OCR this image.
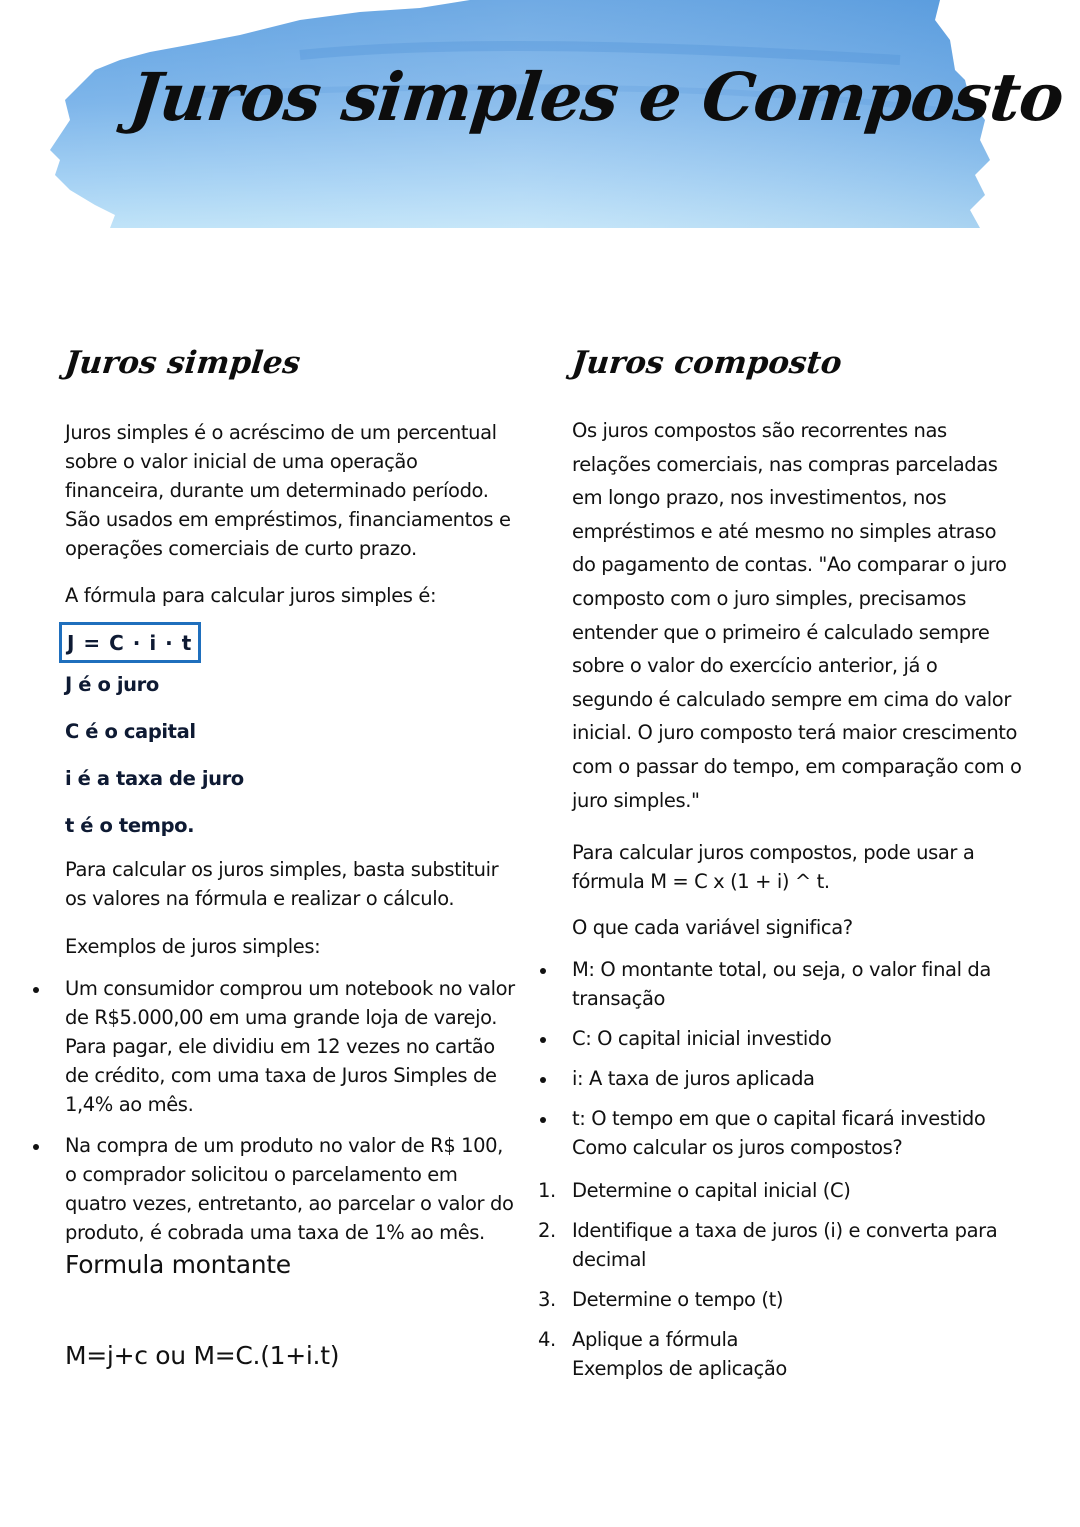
Juros simples e Composto
Juros simples

Juros simples é o acréscimo de um percentual sobre o valor inicial de uma operação financeira, durante um determinado período. São usados em empréstimos, financiamentos e operações comerciais de curto prazo.

A fórmula para calcular juros simples é:

J = C · i · t
J é o juro
C é o capital
i é a taxa de juro
t é o tempo.

Para calcular os juros simples, basta substituir os valores na fórmula e realizar o cálculo.

Exemplos de juros simples:

Um consumidor comprou um notebook no valor de R$5.000,00 em uma grande loja de varejo. Para pagar, ele dividiu em 12 vezes no cartão de crédito, com uma taxa de Juros Simples de 1,4% ao mês.
Na compra de um produto no valor de R$ 100, o comprador solicitou o parcelamento em quatro vezes, entretanto, ao parcelar o valor do produto, é cobrada uma taxa de 1% ao mês.

Formula montante

M=j+c ou M=C.(1+i.t)

Juros composto

Os juros compostos são recorrentes nas relações comerciais, nas compras parceladas em longo prazo, nos investimentos, nos empréstimos e até mesmo no simples atraso do pagamento de contas. "Ao comparar o juro composto com o juro simples, precisamos entender que o primeiro é calculado sempre sobre o valor do exercício anterior, já o segundo é calculado sempre em cima do valor inicial. O juro composto terá maior crescimento com o passar do tempo, em comparação com o juro simples."

Para calcular juros compostos, pode usar a fórmula M = C x (1 + i) ^ t.

O que cada variável significa?

M: O montante total, ou seja, o valor final da transação
C: O capital inicial investido
i: A taxa de juros aplicada
t: O tempo em que o capital ficará investido
Como calcular os juros compostos?
1. Determine o capital inicial (C)
2. Identifique a taxa de juros (i) e converta para decimal
3. Determine o tempo (t)
4. Aplique a fórmula
Exemplos de aplicação
